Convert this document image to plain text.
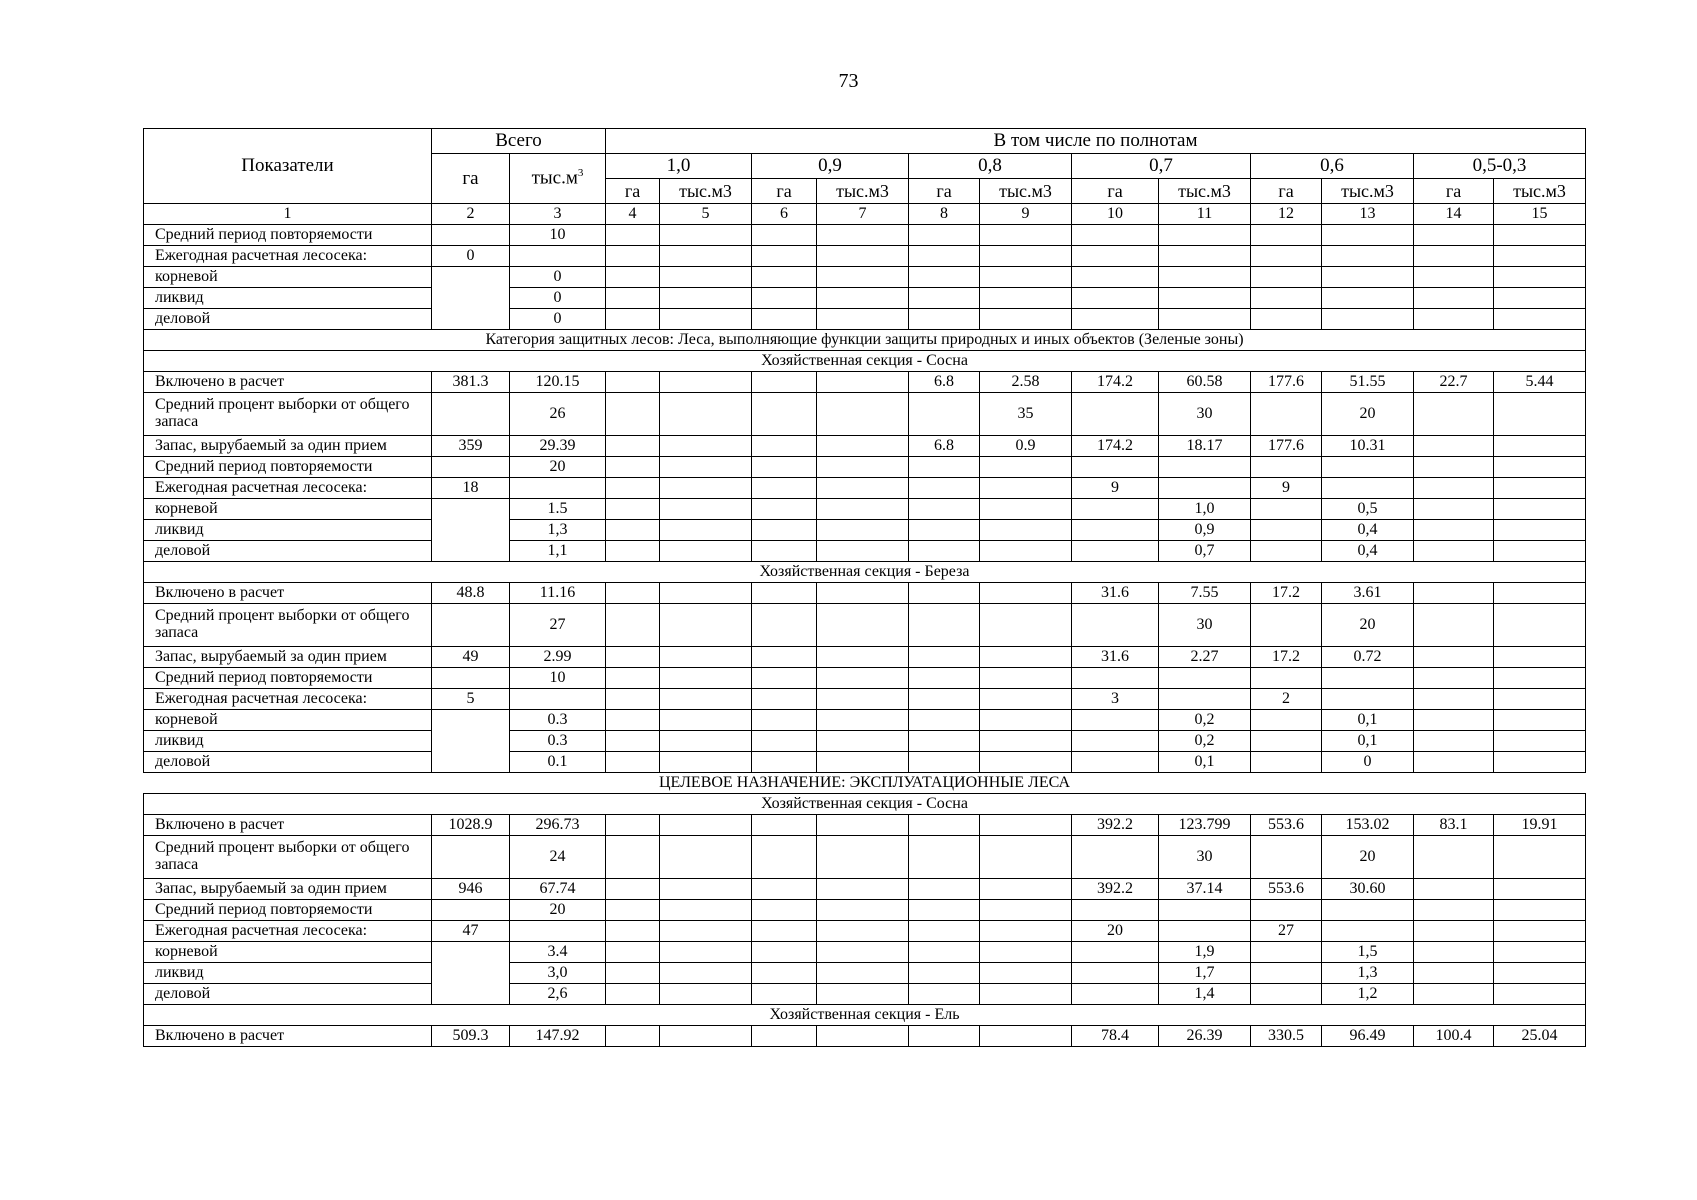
73
Показатели	Всего		В том числе по полнотам											
	га	$тыс.м^3$	1,0		0,9		0,8		0,7		0,6		0,5-0,3	
			га	тыс.м3	га	тыс.м3	га	тыс.м3	га	тыс.м3	га	тыс.м3	га	тыс.м3
1	2	3	4	5	6	7	8	9	10	11	12	13	14	15
Средний период повторяемости		10												
Ежегодная расчетная лесосека:	0													
корневой		0												
ликвид		0												
деловой		0												
Категория защитных лесов: Леса, выполняющие функции защиты природных и иных объектов (Зеленые зоны)														
Хозяйственная секция - Сосна														
Включено в расчет	381.3	120.15					6.8	2.58	174.2	60.58	177.6	51.55	22.7	5.44
Средний процент выборки от общего запаса		26						35		30		20		
Запас, вырубаемый за один прием	359	29.39					6.8	0.9	174.2	18.17	177.6	10.31		
Средний период повторяемости		20												
Ежегодная расчетная лесосека:	18								9		9			
корневой		1.5								1,0		0,5		
ликвид		1,3								0,9		0,4		
деловой		1,1								0,7		0,4		
Хозяйственная секция - Береза														
Включено в расчет	48.8	11.16							31.6	7.55	17.2	3.61		
Средний процент выборки от общего запаса		27								30		20		
Запас, вырубаемый за один прием	49	2.99							31.6	2.27	17.2	0.72		
Средний период повторяемости		10												
Ежегодная расчетная лесосека:	5								3		2			
корневой		0.3								0,2		0,1		
ликвид		0.3								0,2		0,1		
деловой		0.1								0,1		0		
ЦЕЛЕВОЕ НАЗНАЧЕНИЕ: ЭКСПЛУАТАЦИОННЫЕ ЛЕСА														
Хозяйственная секция - Сосна														
Включено в расчет	1028.9	296.73							392.2	123.799	553.6	153.02	83.1	19.91
Средний процент выборки от общего запаса		24								30		20		
Запас, вырубаемый за один прием	946	67.74							392.2	37.14	553.6	30.60		
Средний период повторяемости		20												
Ежегодная расчетная лесосека:	47								20		27			
корневой		3.4								1,9		1,5		
ликвид		3,0								1,7		1,3		
деловой		2,6								1,4		1,2		
Хозяйственная секция - Ель														
Включено в расчет	509.3	147.92							78.4	26.39	330.5	96.49	100.4	25.04
